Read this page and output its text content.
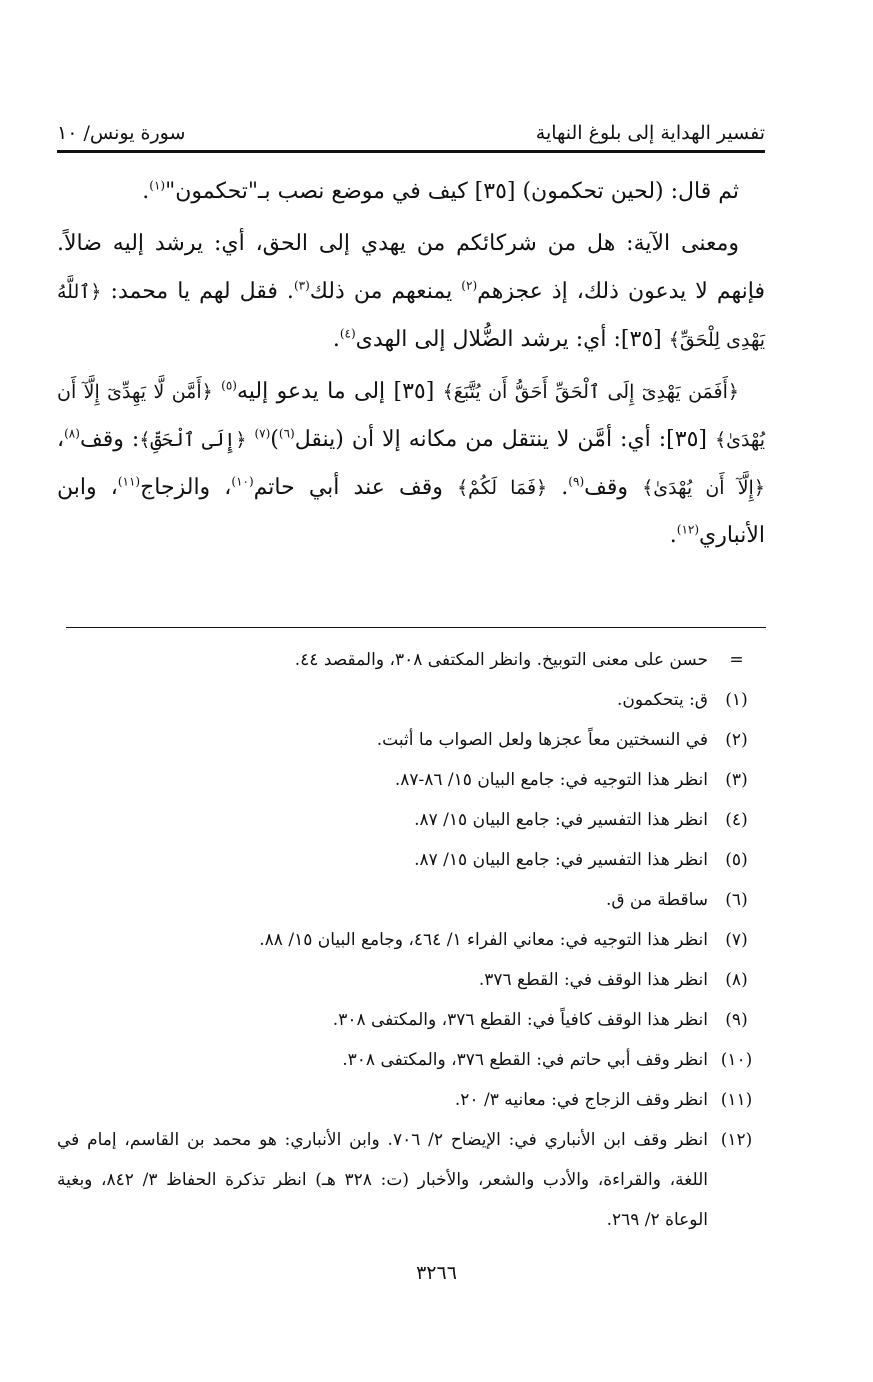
تفسير الهداية إلى بلوغ النهاية
سورة يونس/ ١٠

ثم قال: (لحين تحكمون) [٣٥] كيف في موضع نصب بـ"تحكمون"$^{(١)}$.

ومعنى الآية: هل من شركائكم من يهدي إلى الحق، أي: يرشد إليه ضالاً. فإنهم لا يدعون ذلك، إذ عجزهم$^{(٢)}$ يمنعهم من ذلك$^{(٣)}$. فقل لهم يا محمد: ﴿ٱللَّهُ يَهْدِى لِلْحَقِّ﴾ [٣٥]: أي: يرشد الضُّلال إلى الهدى$^{(٤)}$.

﴿أَفَمَن يَهْدِىٓ إِلَى ٱلْحَقِّ أَحَقُّ أَن يُتَّبَعَ﴾ [٣٥] إلى ما يدعو إليه$^{(٥)}$ ﴿أَمَّن لَّا يَهِدِّىٓ إِلَّآ أَن يُهْدَىٰ﴾ [٣٥]: أي: أمَّن لا ينتقل من مكانه إلا أن (ينقل$^{(٦)}$)$^{(٧)}$ ﴿إِلَى ٱلْحَقِّ﴾: وقف$^{(٨)}$، ﴿إِلَّآ أَن يُهْدَىٰ﴾ وقف$^{(٩)}$. ﴿فَمَا لَكُمْ﴾ وقف عند أبي حاتم$^{(١٠)}$، والزجاج$^{(١١)}$، وابن الأنباري$^{(١٢)}$.

=
حسن على معنى التوبيخ. وانظر المكتفى ٣٠٨، والمقصد ٤٤.
(١)
ق: يتحكمون.
(٢)
في النسختين معاً عجزها ولعل الصواب ما أثبت.
(٣)
انظر هذا التوجيه في: جامع البيان ١٥/ ٨٦-٨٧.
(٤)
انظر هذا التفسير في: جامع البيان ١٥/ ٨٧.
(٥)
انظر هذا التفسير في: جامع البيان ١٥/ ٨٧.
(٦)
ساقطة من ق.
(٧)
انظر هذا التوجيه في: معاني الفراء ١/ ٤٦٤، وجامع البيان ١٥/ ٨٨.
(٨)
انظر هذا الوقف في: القطع ٣٧٦.
(٩)
انظر هذا الوقف كافياً في: القطع ٣٧٦، والمكتفى ٣٠٨.
(١٠)
انظر وقف أبي حاتم في: القطع ٣٧٦، والمكتفى ٣٠٨.
(١١)
انظر وقف الزجاج في: معانيه ٣/ ٢٠.
(١٢)
انظر وقف ابن الأنباري في: الإيضاح ٢/ ٧٠٦. وابن الأنباري: هو محمد بن القاسم، إمام في اللغة، والقراءة، والأدب والشعر، والأخبار (ت: ٣٢٨ هـ) انظر تذكرة الحفاظ ٣/ ٨٤٢، وبغية الوعاة ٢/ ٢٦٩.
٣٢٦٦
